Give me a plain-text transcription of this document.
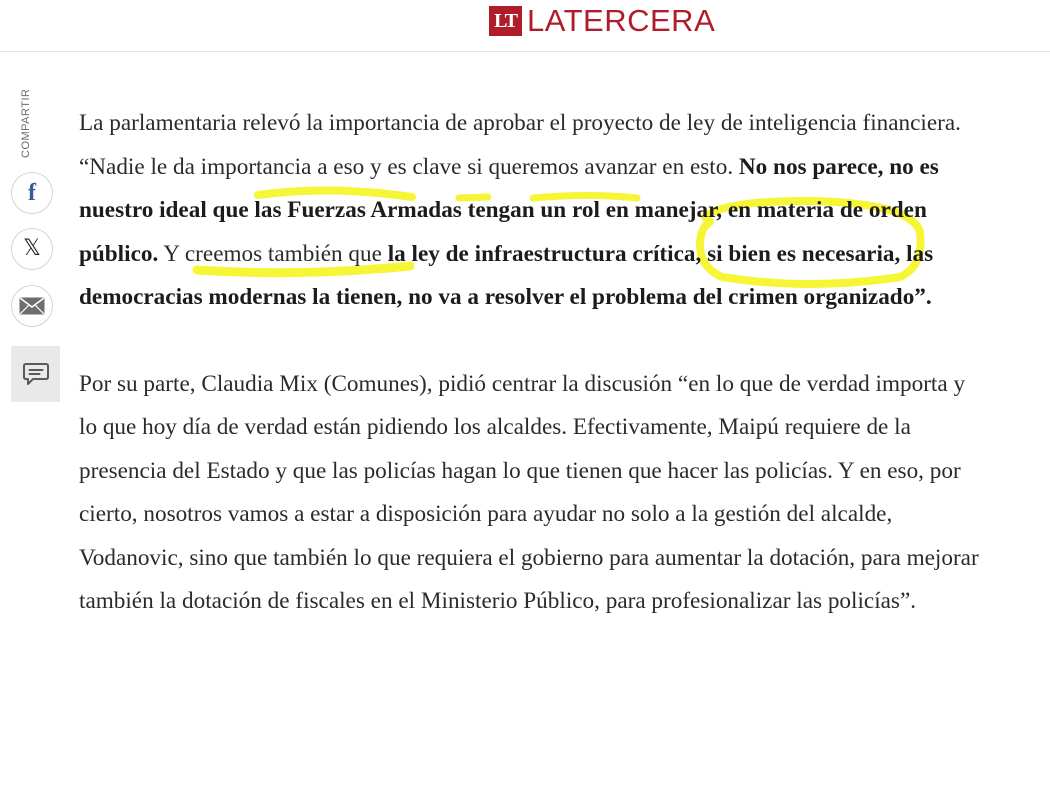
LT LATERCERA
COMPARTIR
f
𝕏

La parlamentaria relevó la importancia de aprobar el proyecto de ley de inteligencia financiera. “Nadie le da importancia a eso y es clave si queremos avanzar en esto. No nos parece, no es nuestro ideal que las Fuerzas Armadas tengan un rol en manejar, en materia de orden público. Y creemos también que la ley de infraestructura crítica, si bien es necesaria, las democracias modernas la tienen, no va a resolver el problema del crimen organizado”.

Por su parte, Claudia Mix (Comunes), pidió centrar la discusión “en lo que de verdad importa y lo que hoy día de verdad están pidiendo los alcaldes. Efectivamente, Maipú requiere de la presencia del Estado y que las policías hagan lo que tienen que hacer las policías. Y en eso, por cierto, nosotros vamos a estar a disposición para ayudar no solo a la gestión del alcalde, Vodanovic, sino que también lo que requiera el gobierno para aumentar la dotación, para mejorar también la dotación de fiscales en el Ministerio Público, para profesionalizar las policías”.
